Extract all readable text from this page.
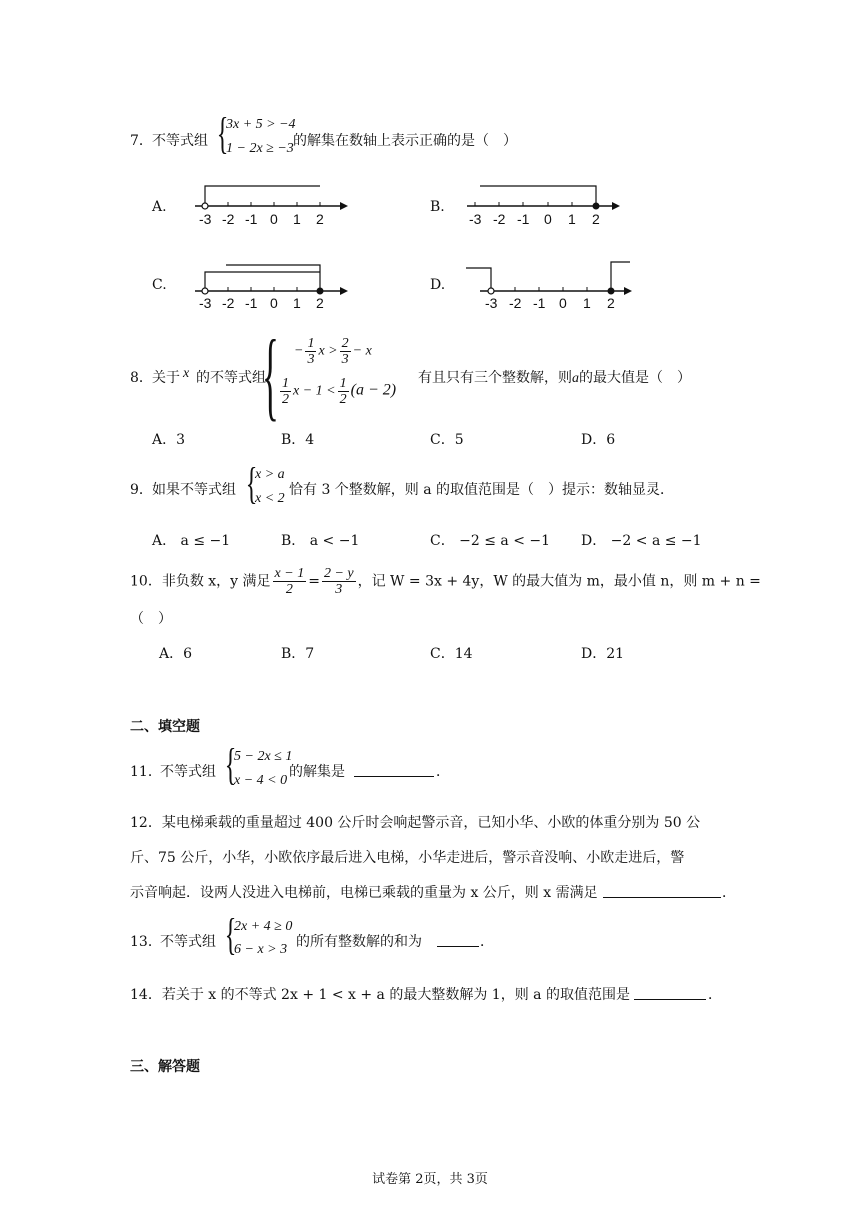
7． 不等式组 {
3x + 5 > −4
1 − 2x ≥ −3 的解集在数轴上表示正确的是（　）
A.	B.
C.	D.
-3 -2 -1 0 1 2	-3 -2 -1 0 1 2
-3 -2 -1 0 1 2	-3 -2 -1 0 1 2
8． 关于 x 的不等式组
{ − $\frac{1}{3}$ $x > \frac{2}{3} - x$
$\frac{1}{2}$ $x - 1 < \frac{1}{2} (a - 2)$
有且只有三个整数解，则a的最大值是（　）
A．3	B．4	C．5	D．6
9． 如果不等式组 {
x > a
x < 2
恰有 3 个整数解，则 a 的取值范围是（　）提示：数轴显灵．
A． a ≤ −1	B． a < −1	C． −2 ≤ a < −1 D． −2 < a ≤ −1
10．非负数 x，y 满足 $\frac{x - 1}{2} = \frac{2 - y}{3}$ ，记 W = 3x + 4y，W 的最大值为 m，最小值 n，则 m + n =
（　）
A．6	B．7	C．14	D．21
二、填空题
11．
不等式组 {
5 − 2x ≤ 1
x − 4 < 0
的解集是	．
12．某电梯乘载的重量超过 400 公斤时会响起警示音，已知小华、小欧的体重分别为 50 公
斤、75 公斤，小华，小欧依序最后进入电梯，小华走进后，警示音没响、小欧走进后，警
示音响起．设两人没进入电梯前，电梯已乘载的重量为 x 公斤，则 x 需满足	．
13．
不等式组 {
2x + 4 ≥ 0
6 − x > 3 的所有整数解的和为	．
14．若关于 x 的不等式 2x + 1 < x + a 的最大整数解为 1，则 a 的取值范围是	．
三、解答题
试卷第 2页，共 3页
